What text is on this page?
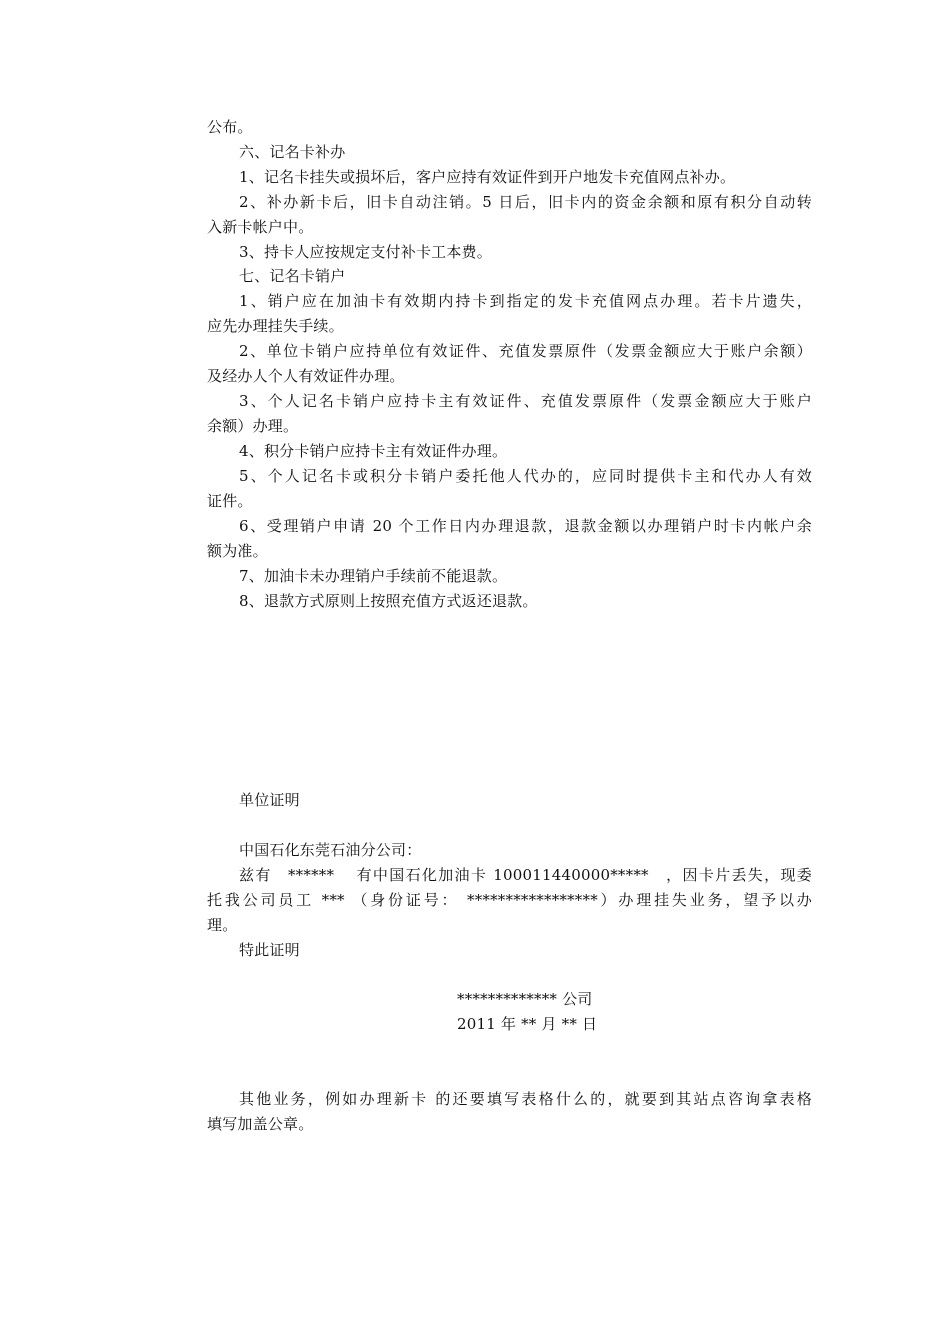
公布。
六、记名卡补办
1、记名卡挂失或损坏后，客户应持有效证件到开户地发卡充值网点补办。
2、补办新卡后，旧卡自动注销。5 日后，旧卡内的资金余额和原有积分自动转
入新卡帐户中。
3、持卡人应按规定支付补卡工本费。
七、记名卡销户
1、销户应在加油卡有效期内持卡到指定的发卡充值网点办理。若卡片遗失，
应先办理挂失手续。
2、单位卡销户应持单位有效证件、充值发票原件（发票金额应大于账户余额）
及经办人个人有效证件办理。
3、个人记名卡销户应持卡主有效证件、充值发票原件（发票金额应大于账户
余额）办理。
4、积分卡销户应持卡主有效证件办理。
5、个人记名卡或积分卡销户委托他人代办的，应同时提供卡主和代办人有效
证件。
6、受理销户申请 20 个工作日内办理退款，退款金额以办理销户时卡内帐户余
额为准。
7、加油卡未办理销户手续前不能退款。
8、退款方式原则上按照充值方式返还退款。
单位证明
中国石化东莞石油分公司：
兹有　****** 　有中国石化加油卡 100011440000*****　，因卡片丢失，现委
托我公司员工 *** （身份证号： *****************）办理挂失业务，望予以办
理。
特此证明
************* 公司
2011 年 ** 月 ** 日
其他业务，例如办理新卡 的还要填写表格什么的，就要到其站点咨询拿表格
填写加盖公章。
